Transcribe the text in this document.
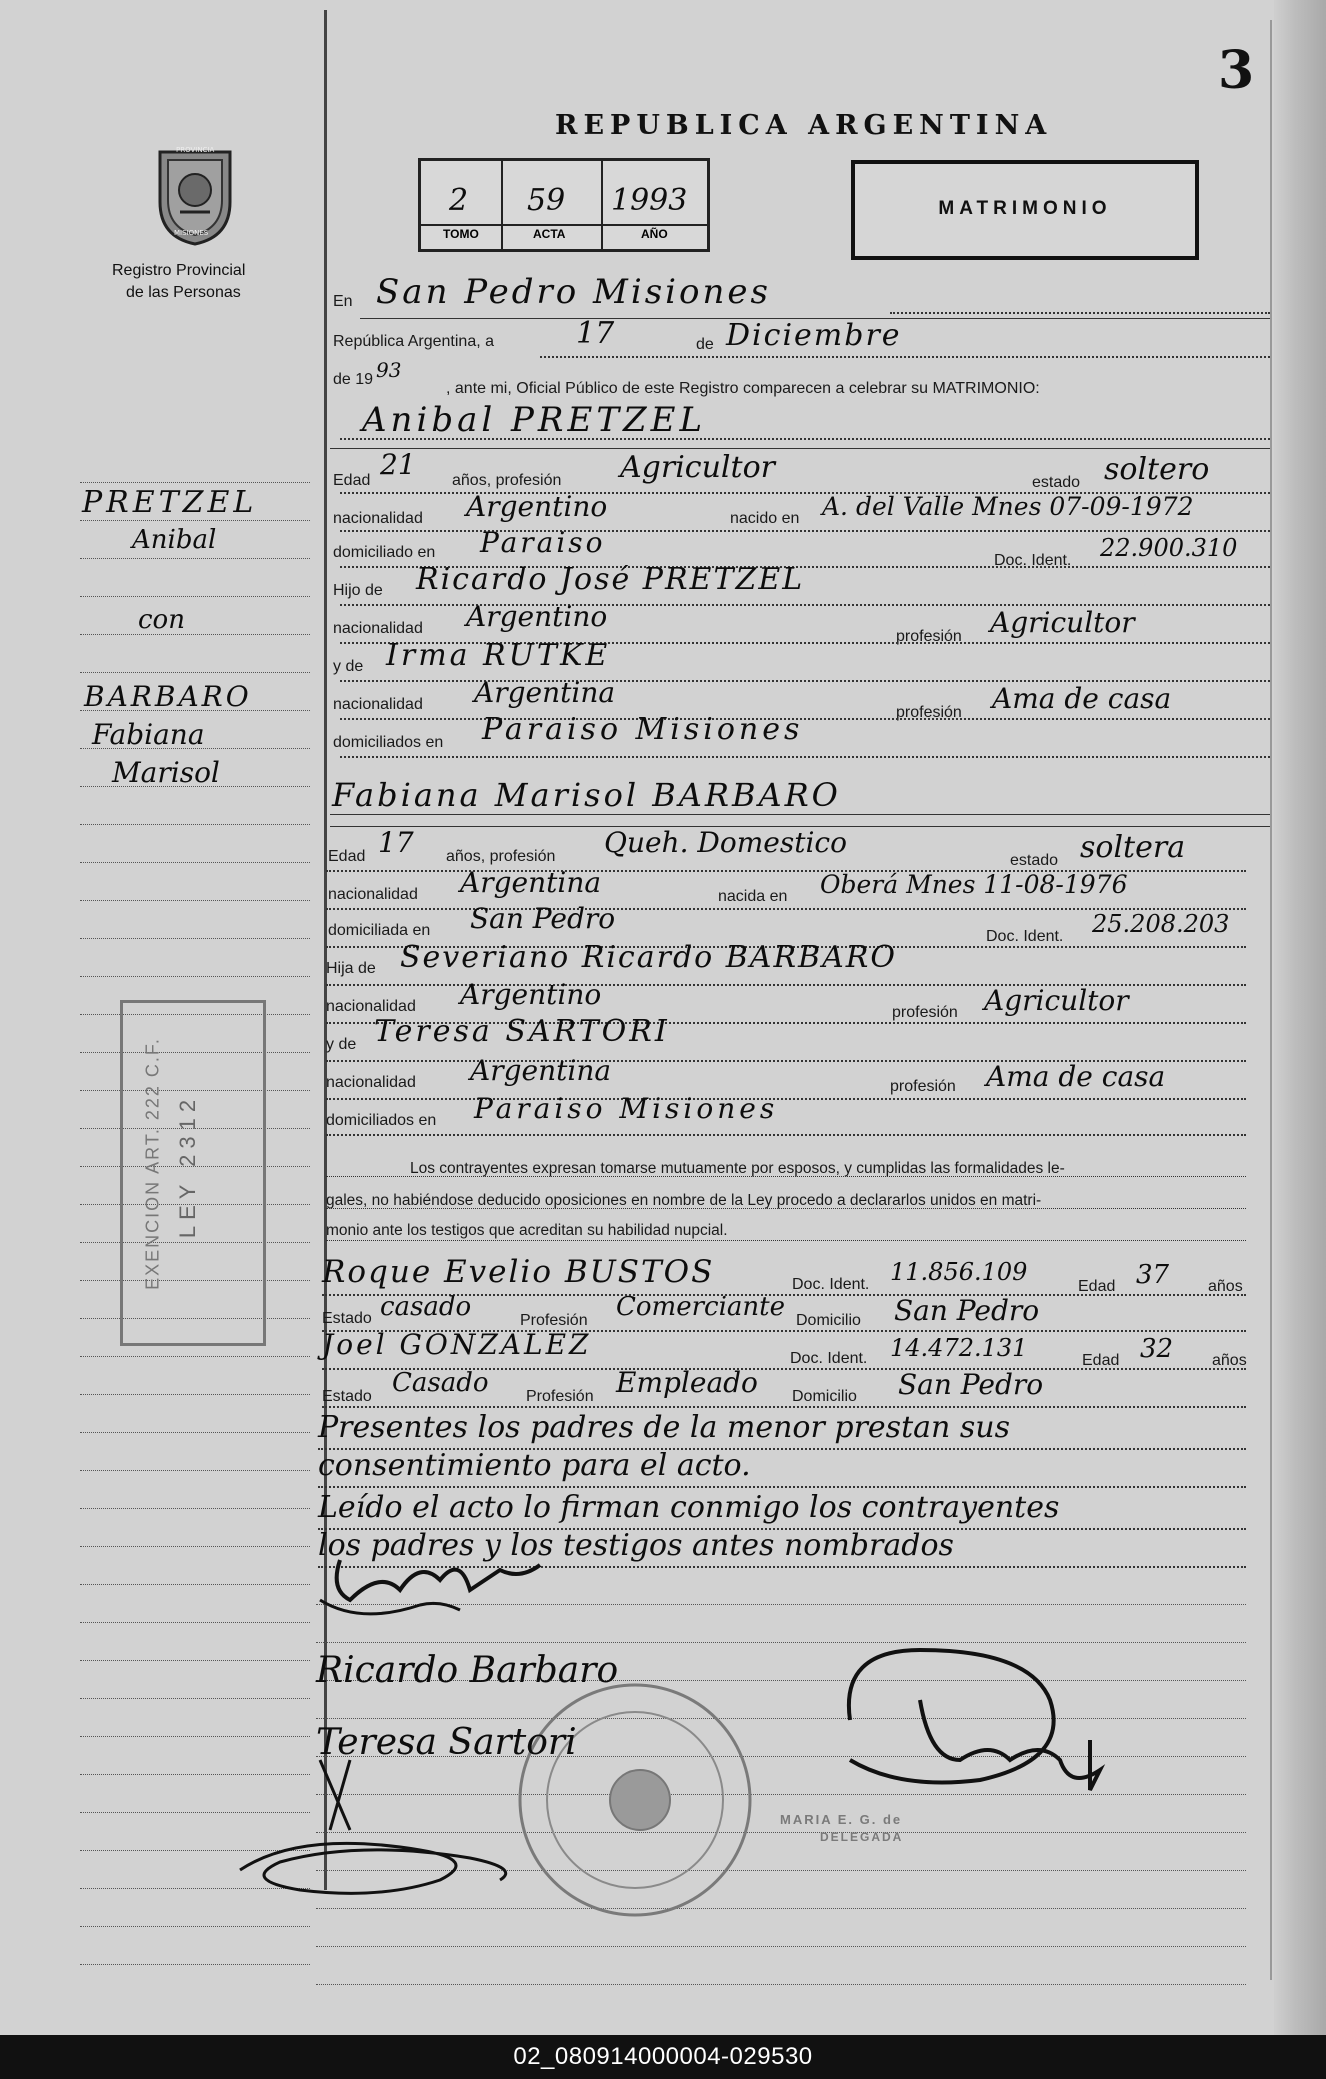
3
REPUBLICA ARGENTINA
PROVINCIA
MISIONES
Registro Provincial
de las Personas
2 59 1993
TOMO	ACTA	AÑO
MATRIMONIO
En San Pedro Misiones
República Argentina, a	17	de Diciembre
de 19 93
, ante mi, Oficial Público de este Registro comparecen a celebrar su MATRIMONIO:
Anibal PRETZEL
Edad 21 años, profesión Agricultor	estado soltero
nacionalidad Argentino	nacido en A. del Valle Mnes 07-09-1972
domiciliado en Paraiso
Doc. Ident. 22.900.310
Hijo de Ricardo José PRETZEL
nacionalidad Argentino
profesión Agricultor
y de Irma RUTKE
nacionalidad Argentina
profesión Ama de casa
domiciliados en Paraiso Misiones
Fabiana Marisol BARBARO
Edad 17 años, profesión Queh. Domestico
estado soltera
nacionalidad Argentina	nacida en Oberá Mnes 11-08-1976
domiciliada en San Pedro
Doc. Ident. 25.208.203
Hija de Severiano Ricardo BARBARO
nacionalidad Argentino
profesión Agricultor
y de Teresa SARTORI
nacionalidad Argentina	profesión Ama de casa
domiciliados en Paraiso Misiones
Los contrayentes expresan tomarse mutuamente por esposos, y cumplidas las formalidades le-
gales, no habiéndose deducido oposiciones en nombre de la Ley procedo a declararlos unidos en matri-
monio ante los testigos que acreditan su habilidad nupcial.
Roque Evelio BUSTOS	Doc. Ident. 11.856.109
Edad 37 años
Estado casado	Profesión Comerciante Domicilio San Pedro
Joel GONZALEZ	Doc. Ident. 14.472.131	Edad 32 años
Estado Casado Profesión Empleado Domicilio San Pedro
Presentes los padres de la menor prestan sus
consentimiento para el acto.
Leído el acto lo firman conmigo los contrayentes
los padres y los testigos antes nombrados
PRETZEL
Anibal
con
BARBARO
Fabiana
Marisol
LEY 2312
EXENCION ART. 222 C.F.
Ricardo Barbaro
Teresa Sartori
MARIA E. G. de
DELEGADA
02_080914000004-029530
